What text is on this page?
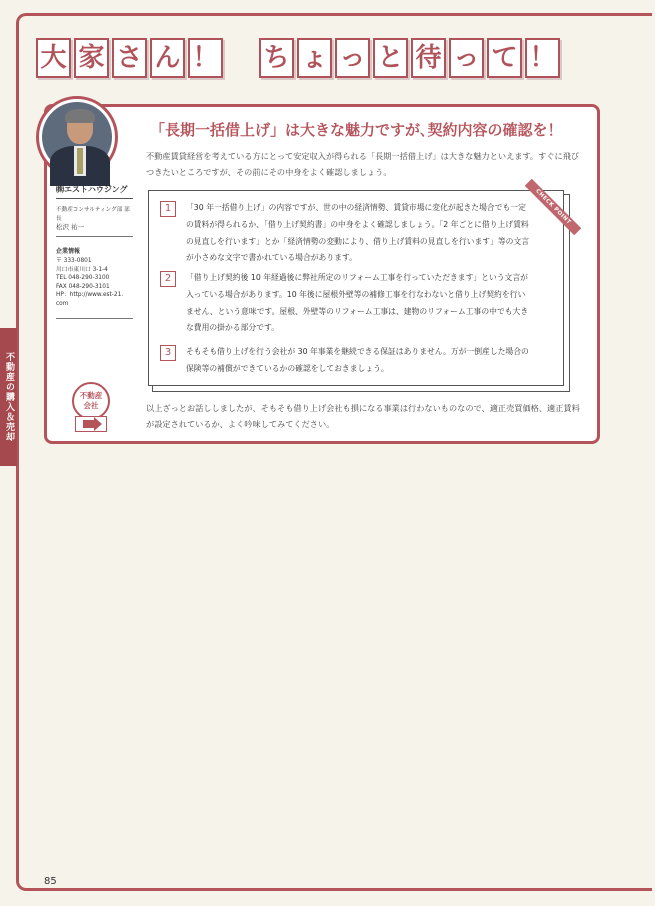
不動産の購入＆売却
大 家 さ ん ！ ち ょ っ と 待 っ て ！
「長期一括借上げ」は大きな魅力ですが､契約内容の確認を！
不動産賃貸経営を考えている方にとって安定収入が得られる「長期一括借上げ」は大きな魅力といえます。すぐに飛びつきたいところですが、その前にその中身をよく確認しましょう。
㈱エストハウジング
不動産コンサルティング部 部長
松沢 祐一
企業情報
〒 333-0801
川口市東川口 3-1-4
TEL 048-290-3100
FAX 048-290-3101
HP：http://www.est-21.
com
不動産
会社
CHECK POINT
1	「30 年一括借り上げ」の内容ですが、世の中の経済情勢、賃貸市場に変化が起きた場合でも一定の賃料が得られるか、「借り上げ契約書」の中身をよく確認しましょう。「2 年ごとに借り上げ賃料の見直しを行います」とか「経済情勢の変動により、借り上げ賃料の見直しを行います」等の文言が小さめな文字で書かれている場合があります。
2	「借り上げ契約後 10 年経過後に弊社所定のリフォーム工事を行っていただきます」という文言が入っている場合があります。10 年後に屋根外壁等の補修工事を行なわないと借り上げ契約を行いません、という意味です。屋根、外壁等のリフォーム工事は、建物のリフォーム工事の中でも大きな費用の掛かる部分です。
3	そもそも借り上げを行う会社が 30 年事業を継続できる保証はありません。万が一倒産した場合の保険等の補償ができているかの確認をしておきましょう。
以上ざっとお話ししましたが、そもそも借り上げ会社も損になる事業は行わないものなので、適正売買価格、適正賃料が設定されているか、よく吟味してみてください。
85
